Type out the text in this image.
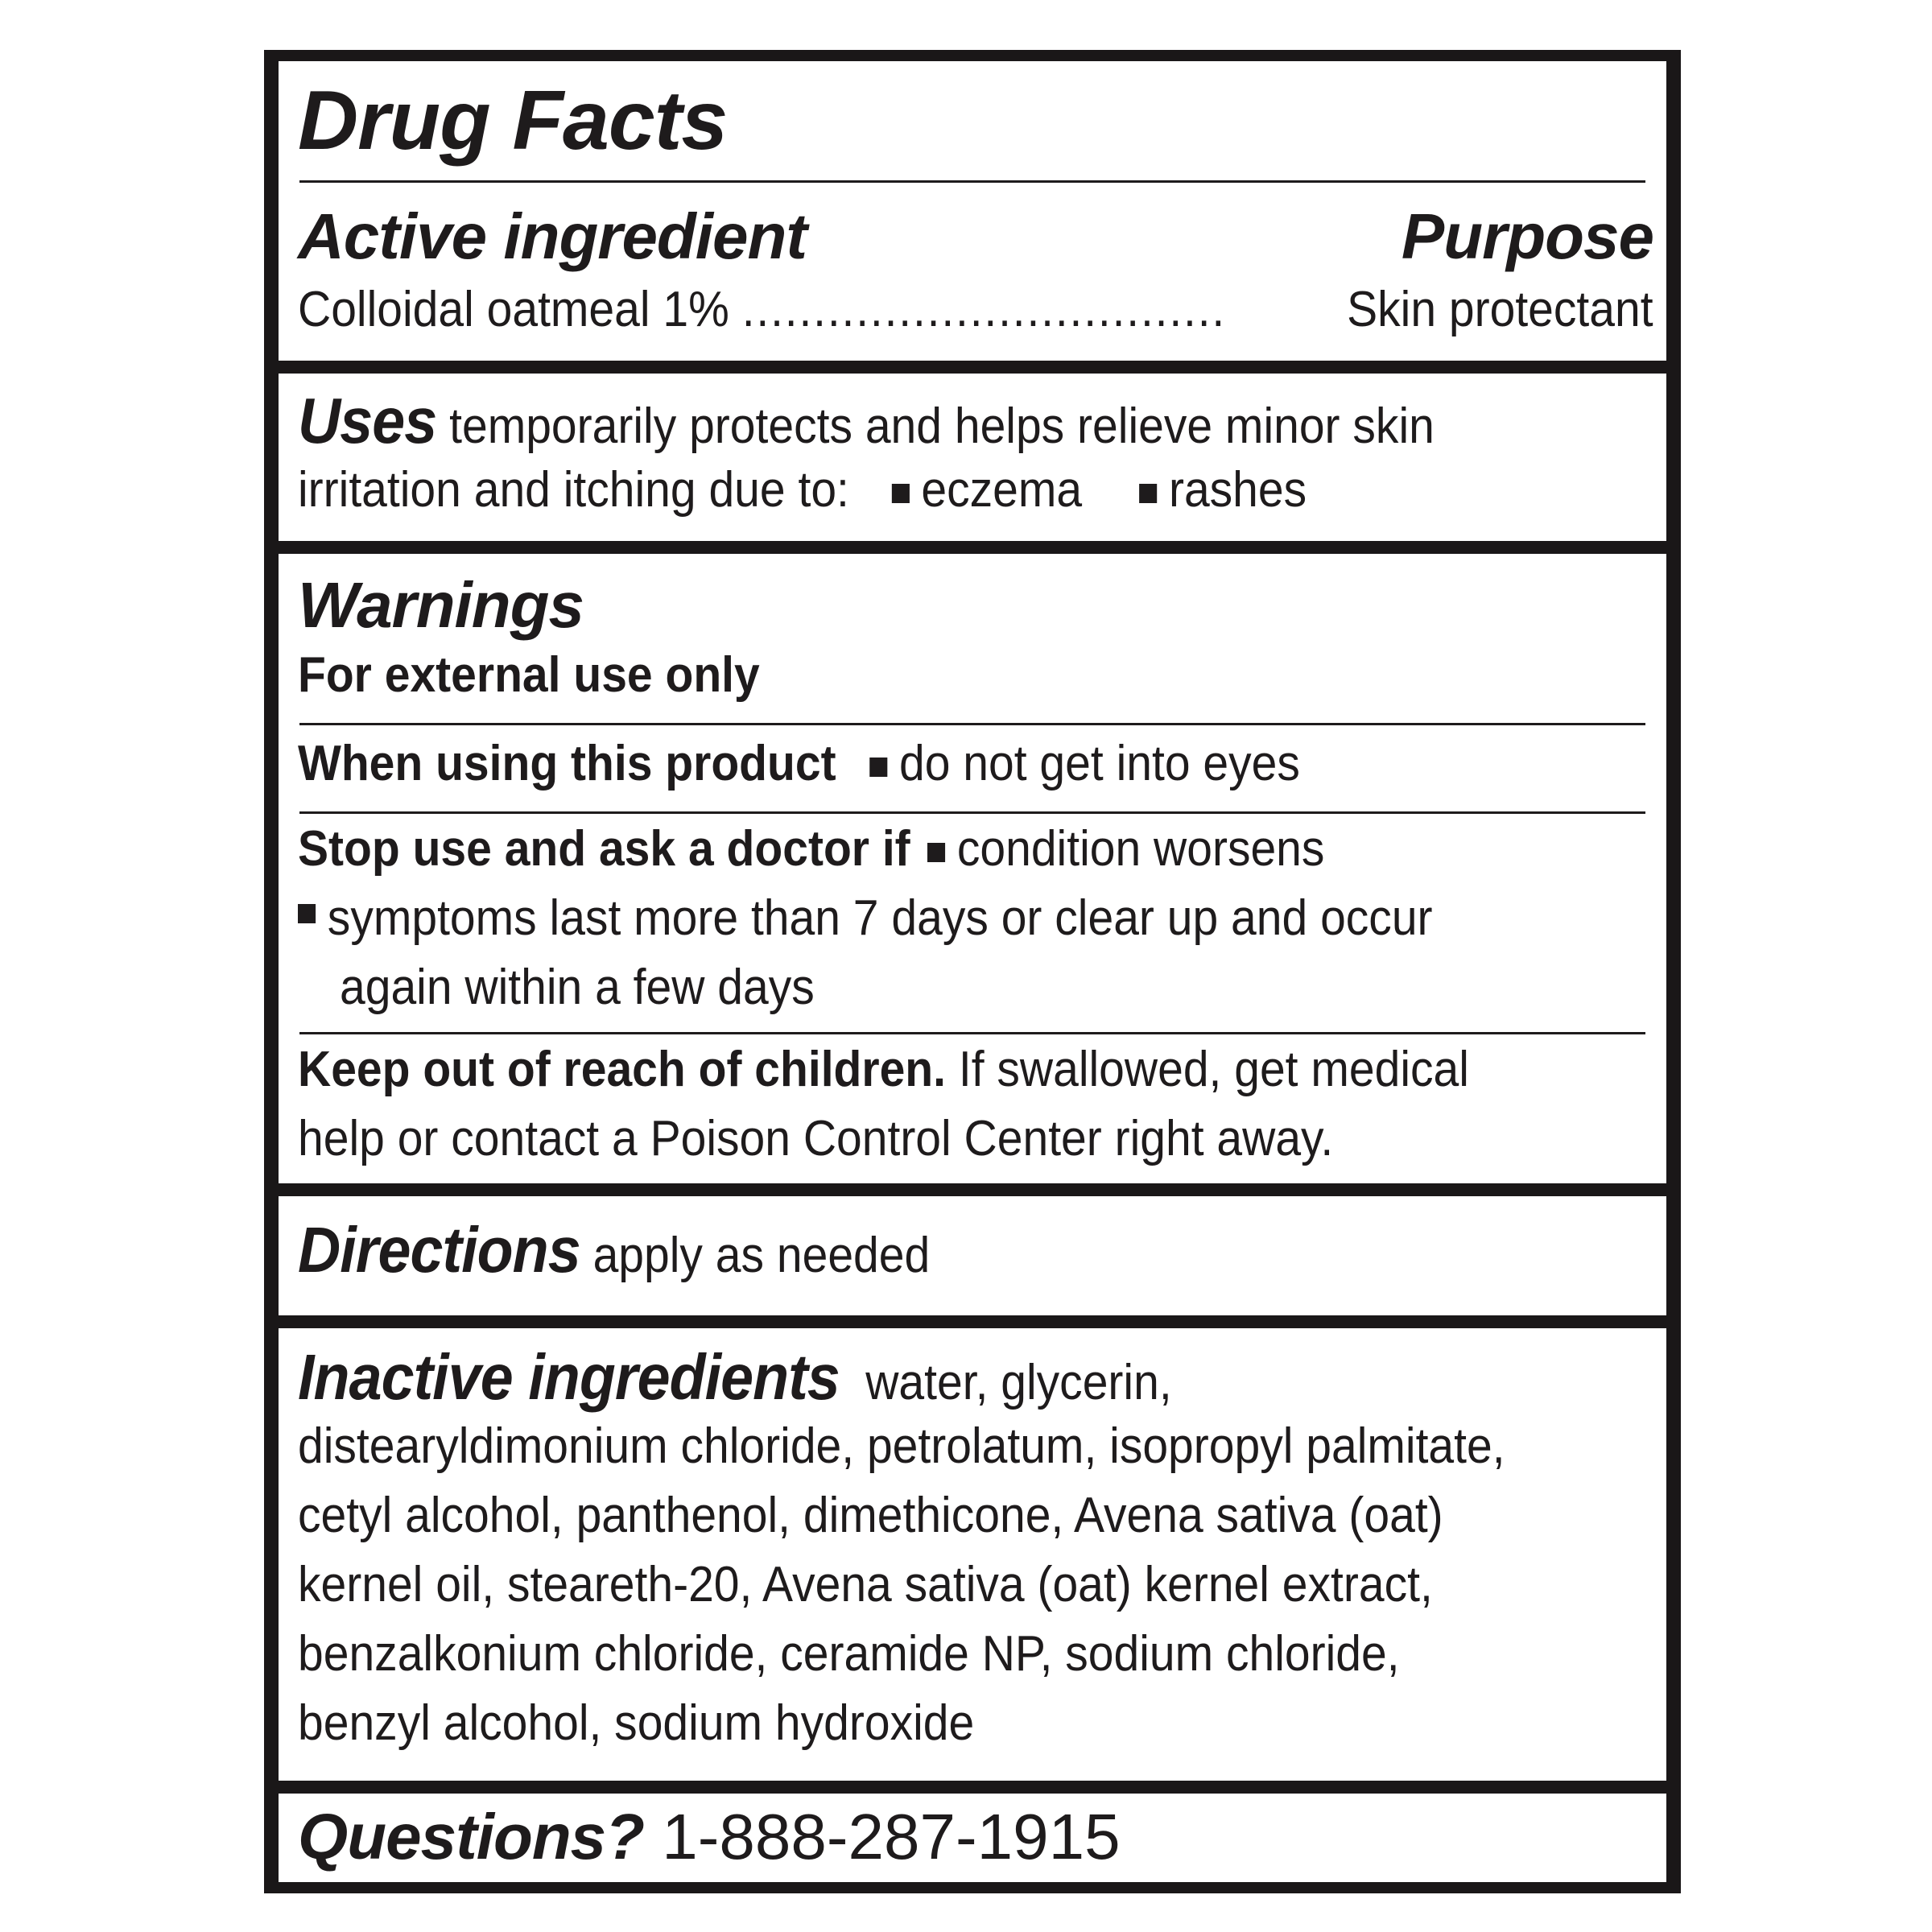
Drug Facts
Active ingredient	Purpose
Colloidal oatmeal 1% .................................. Skin protectant
Uses temporarily protects and helps relieve minor skin
irritation and itching due to: eczema rashes
Warnings
For external use only
When using this product do not get into eyes
Stop use and ask a doctor if condition worsens
symptoms last more than 7 days or clear up and occur
again within a few days
Keep out of reach of children. If swallowed, get medical
help or contact a Poison Control Center right away.
Directions apply as needed
Inactive ingredients water, glycerin,
distearyldimonium chloride, petrolatum, isopropyl palmitate,
cetyl alcohol, panthenol, dimethicone, Avena sativa (oat)
kernel oil, steareth-20, Avena sativa (oat) kernel extract,
benzalkonium chloride, ceramide NP, sodium chloride,
benzyl alcohol, sodium hydroxide
Questions? 1-888-287-1915
